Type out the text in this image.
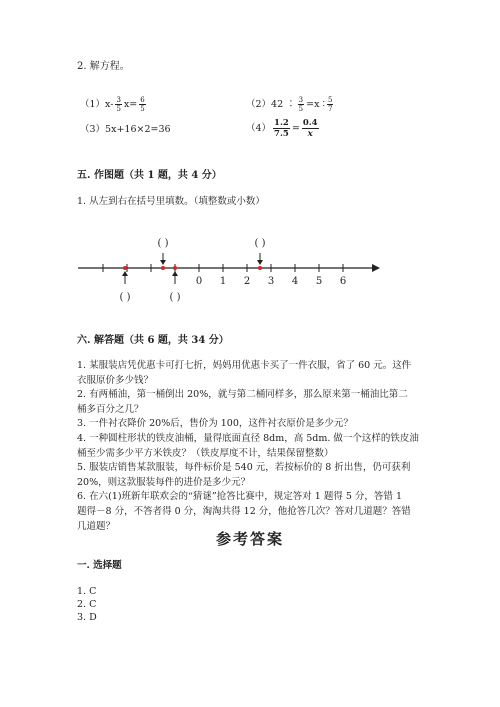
2. 解方程。
$(1)x- \frac{3}{5} x= \frac{6}{5}$	（2）42 ∶ $\frac{3}{5} =x$ ∶ $\frac{5}{7}$
（3）5x+16×2=36	$(4) \frac{1.2}{7.5} = \frac{0.4}{x}$
五. 作图题（共 1 题，共 4 分）
1. 从左到右在括号里填数。（填整数或小数）
0 1 2 3 4 5 6
( )	( )
( )	( )
六. 解答题（共 6 题，共 34 分）

1. 某服装店凭优惠卡可打七折，妈妈用优惠卡买了一件衣服，省了 60 元。这件

衣服原价多少钱？

2. 有两桶油，第一桶倒出 20%，就与第二桶同样多，那么原来第一桶油比第二

桶多百分之几？

3. 一件衬衣降价 20%后，售价为 100，这件衬衣原价是多少元？

4. 一种圆柱形状的铁皮油桶，量得底面直径 8dm，高 5dm. 做一个这样的铁皮油

桶至少需多少平方米铁皮？（铁皮厚度不计，结果保留整数）

5. 服装店销售某款服装，每件标价是 540 元，若按标价的 8 折出售，仍可获利

20%，则这款服装每件的进价是多少元？

6. 在六(1)班新年联欢会的“猜谜”抢答比赛中，规定答对 1 题得 5 分，答错 1

题得－8 分，不答者得 0 分，淘淘共得 12 分，他抢答几次？答对几道题？答错

几道题？

参考答案
一. 选择题
1. C
2. C
3. D
